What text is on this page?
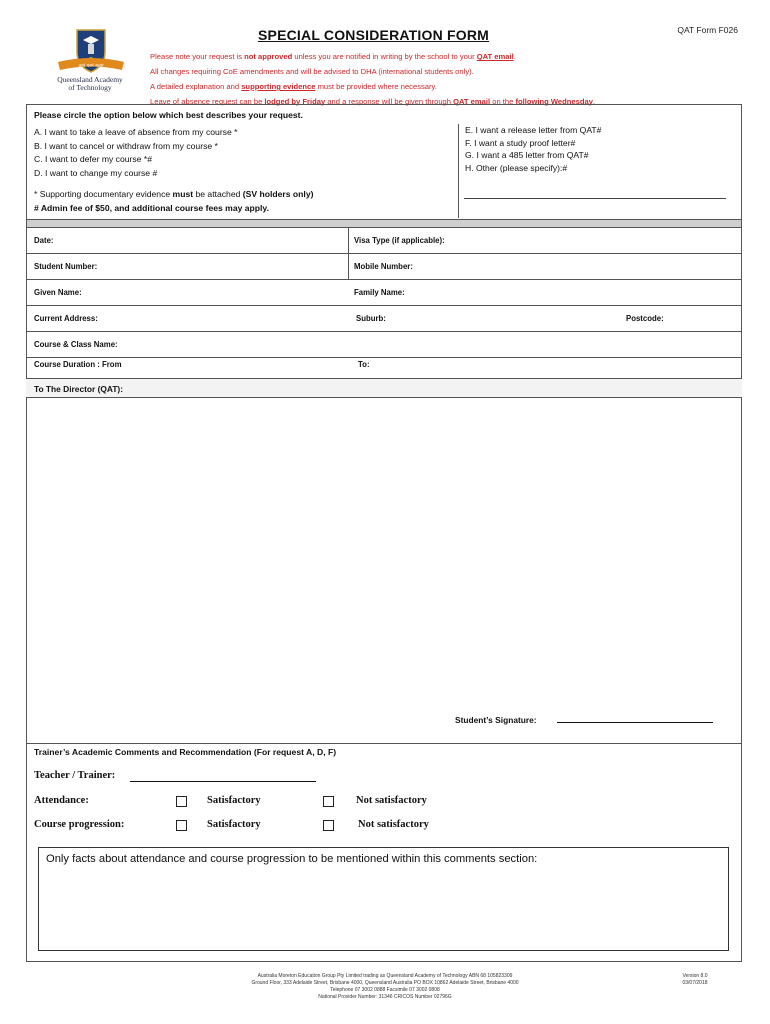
ज्ञानं परमं बलम्
Queensland Academy
of Technology
QAT Form F026
SPECIAL CONSIDERATION FORM
Please note your request is not approved unless you are notified in writing by the school to your QAT email.
All changes requiring CoE amendments and will be advised to DHA (international students only).
A detailed explanation and supporting evidence must be provided where necessary.
Leave of absence request can be lodged by Friday and a response will be given through QAT email on the following Wednesday.
Please circle the option below which best describes your request.
A. I want to take a leave of absence from my course *
B. I want to cancel or withdraw from my course *
C. I want to defer my course *#
D. I want to change my course #
E. I want a release letter from QAT#
F. I want a study proof letter#
G. I want a 485 letter from QAT#
H. Other (please specify):#
* Supporting documentary evidence must be attached (SV holders only)
# Admin fee of $50, and additional course fees may apply.
Date:	Visa Type (if applicable):
Student Number:	Mobile Number:
Given Name:	Family Name:
Current Address:	Suburb:	Postcode:
Course & Class Name:
Course Duration : From	To:
To The Director (QAT):
Student’s Signature:
Trainer’s Academic Comments and Recommendation (For request A, D, F)
Teacher / Trainer:
Attendance:	Satisfactory	Not satisfactory
Course progression:	Satisfactory	Not satisfactory
Only facts about attendance and course progression to be mentioned within this comments section:
Australia Moreton Education Group Pty Limited trading as Queensland Academy of Technology ABN 68 105823309
Ground Floor, 333 Adelaide Street, Brisbane 4000, Queensland Australia PO BOX 10862 Adelaide Street, Brisbane 4000
Telephone 07 3002 0888 Facsimile 07 3002 0808
National Provider Number: 31346 CRICOS Number 02796G
Version 8.0
03/07/2018
